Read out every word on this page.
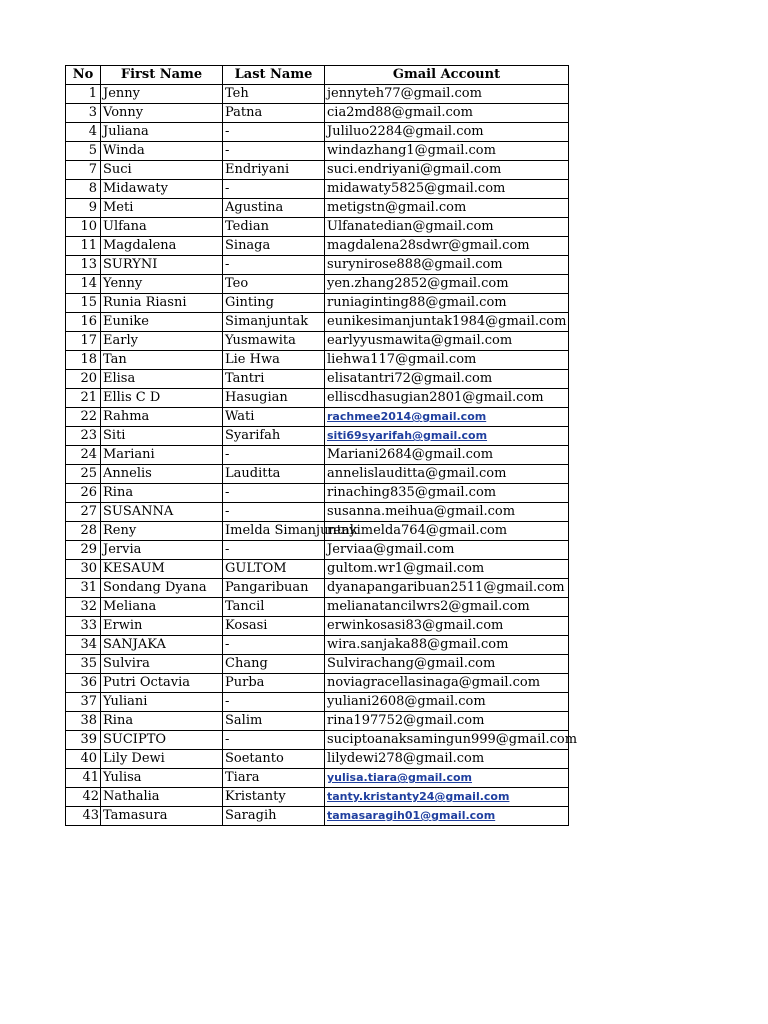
No	First Name	Last Name	Gmail Account
1	Jenny	Teh	jennyteh77@gmail.com
3	Vonny	Patna	cia2md88@gmail.com
4	Juliana	-	Juliluo2284@gmail.com
5	Winda	-	windazhang1@gmail.com
7	Suci	Endriyani	suci.endriyani@gmail.com
8	Midawaty	-	midawaty5825@gmail.com
9	Meti	Agustina	metigstn@gmail.com
10	Ulfana	Tedian	Ulfanatedian@gmail.com
11	Magdalena	Sinaga	magdalena28sdwr@gmail.com
13	SURYNI	-	surynirose888@gmail.com
14	Yenny	Teo	yen.zhang2852@gmail.com
15	Runia Riasni	Ginting	runiaginting88@gmail.com
16	Eunike	Simanjuntak	eunikesimanjuntak1984@gmail.com
17	Early	Yusmawita	earlyyusmawita@gmail.com
18	Tan	Lie Hwa	liehwa117@gmail.com
20	Elisa	Tantri	elisatantri72@gmail.com
21	Ellis C D	Hasugian	elliscdhasugian2801@gmail.com
22	Rahma	Wati	rachmee2014@gmail.com
23	Siti	Syarifah	siti69syarifah@gmail.com
24	Mariani	-	Mariani2684@gmail.com
25	Annelis	Lauditta	annelislauditta@gmail.com
26	Rina	-	rinaching835@gmail.com
27	SUSANNA	-	susanna.meihua@gmail.com
28	Reny	Imelda Simanjuntak	renyimelda764@gmail.com
29	Jervia	-	Jerviaa@gmail.com
30	KESAUM	GULTOM	gultom.wr1@gmail.com
31	Sondang Dyana	Pangaribuan	dyanapangaribuan2511@gmail.com
32	Meliana	Tancil	melianatancilwrs2@gmail.com
33	Erwin	Kosasi	erwinkosasi83@gmail.com
34	SANJAKA	-	wira.sanjaka88@gmail.com
35	Sulvira	Chang	Sulvirachang@gmail.com
36	Putri Octavia	Purba	noviagracellasinaga@gmail.com
37	Yuliani	-	yuliani2608@gmail.com
38	Rina	Salim	rina197752@gmail.com
39	SUCIPTO	-	suciptoanaksamingun999@gmail.com
40	Lily Dewi	Soetanto	lilydewi278@gmail.com
41	Yulisa	Tiara	yulisa.tiara@gmail.com
42	Nathalia	Kristanty	tanty.kristanty24@gmail.com
43	Tamasura	Saragih	tamasaragih01@gmail.com
